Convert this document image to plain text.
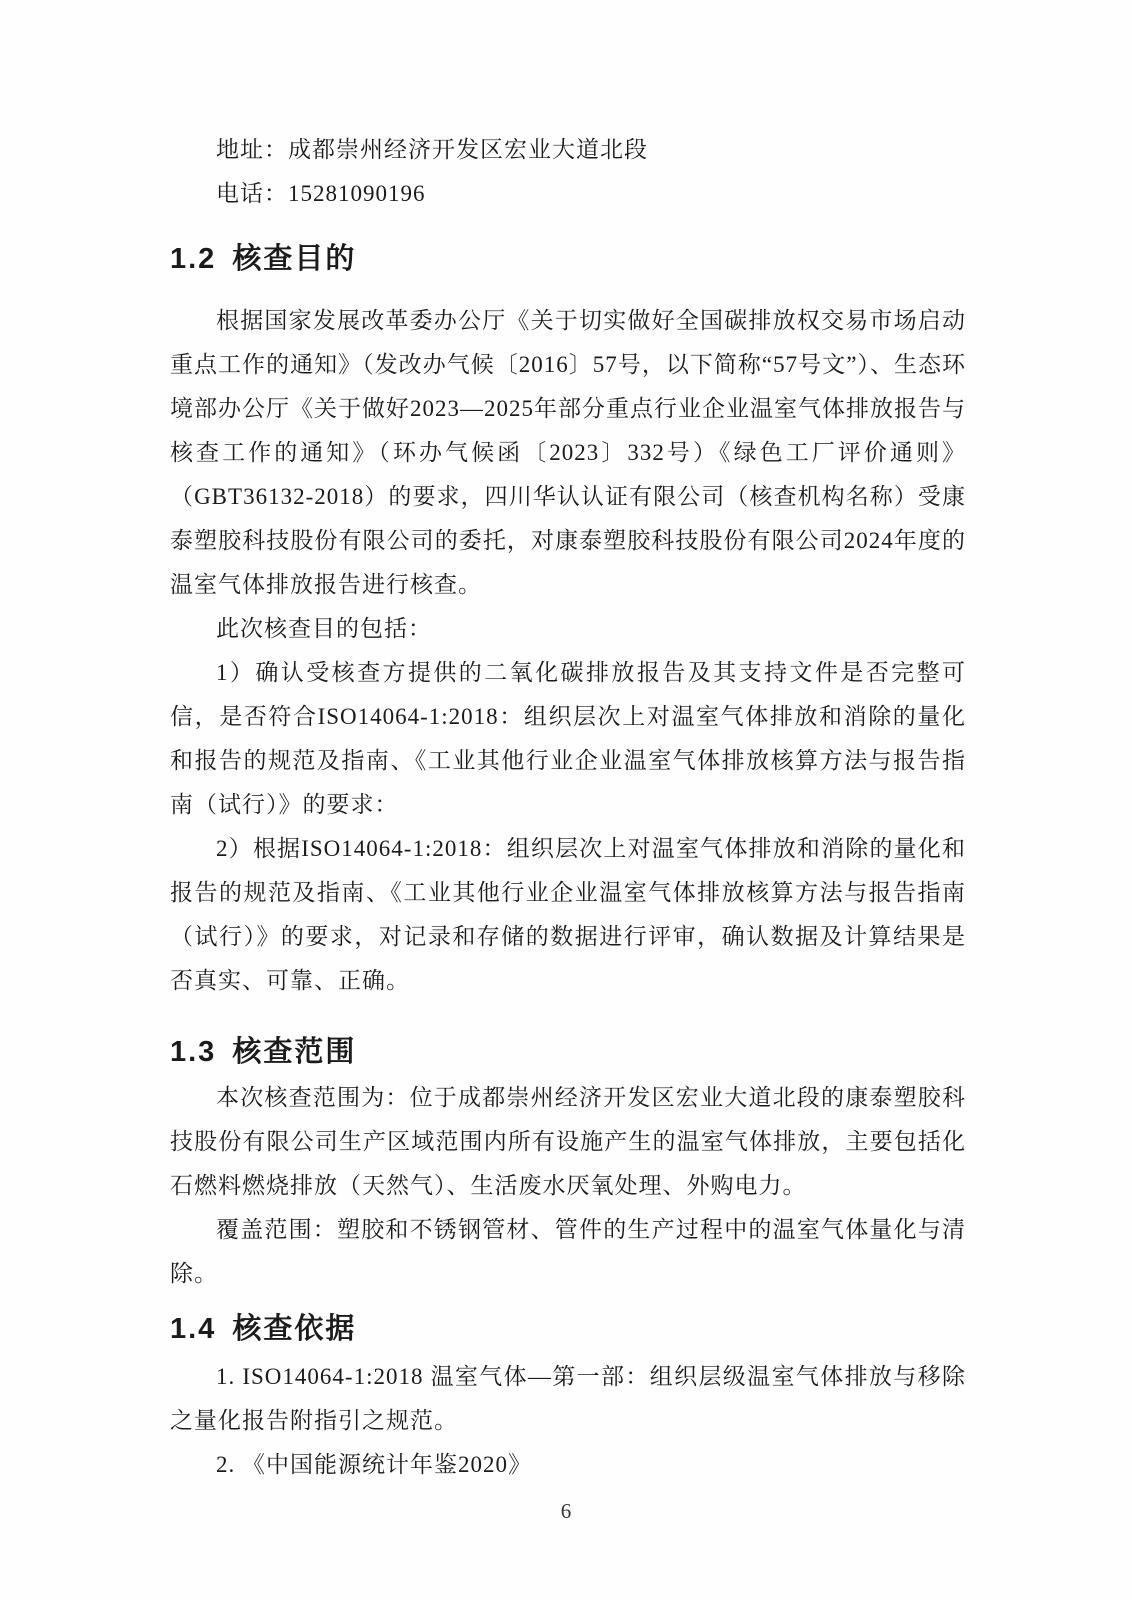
地址：成都崇州经济开发区宏业大道北段

电话：15281090196

1.2 核查目的

根据国家发展改革委办公厅《关于切实做好全国碳排放权交易市场启动重点工作的通知》（发改办气候〔2016〕57号，以下简称“57号文”）、生态环境部办公厅《关于做好2023—2025年部分重点行业企业温室气体排放报告与核查工作的通知》（环办气候函〔2023〕332号）《绿色工厂评价通则》（GBT36132-2018）的要求，四川华认认证有限公司（核查机构名称）受康泰塑胶科技股份有限公司的委托，对康泰塑胶科技股份有限公司2024年度的温室气体排放报告进行核查。

此次核查目的包括：

1）确认受核查方提供的二氧化碳排放报告及其支持文件是否完整可信，是否符合ISO14064-1:2018：组织层次上对温室气体排放和消除的量化和报告的规范及指南、《工业其他行业企业温室气体排放核算方法与报告指南（试行）》的要求：

2）根据ISO14064-1:2018：组织层次上对温室气体排放和消除的量化和报告的规范及指南、《工业其他行业企业温室气体排放核算方法与报告指南（试行）》的要求，对记录和存储的数据进行评审，确认数据及计算结果是否真实、可靠、正确。

1.3 核查范围

本次核查范围为：位于成都崇州经济开发区宏业大道北段的康泰塑胶科技股份有限公司生产区域范围内所有设施产生的温室气体排放，主要包括化石燃料燃烧排放（天然气）、生活废水厌氧处理、外购电力。

覆盖范围：塑胶和不锈钢管材、管件的生产过程中的温室气体量化与清除。

1.4 核查依据

1. ISO14064-1:2018 温室气体—第一部：组织层级温室气体排放与移除之量化报告附指引之规范。

2. 《中国能源统计年鉴2020》

6
